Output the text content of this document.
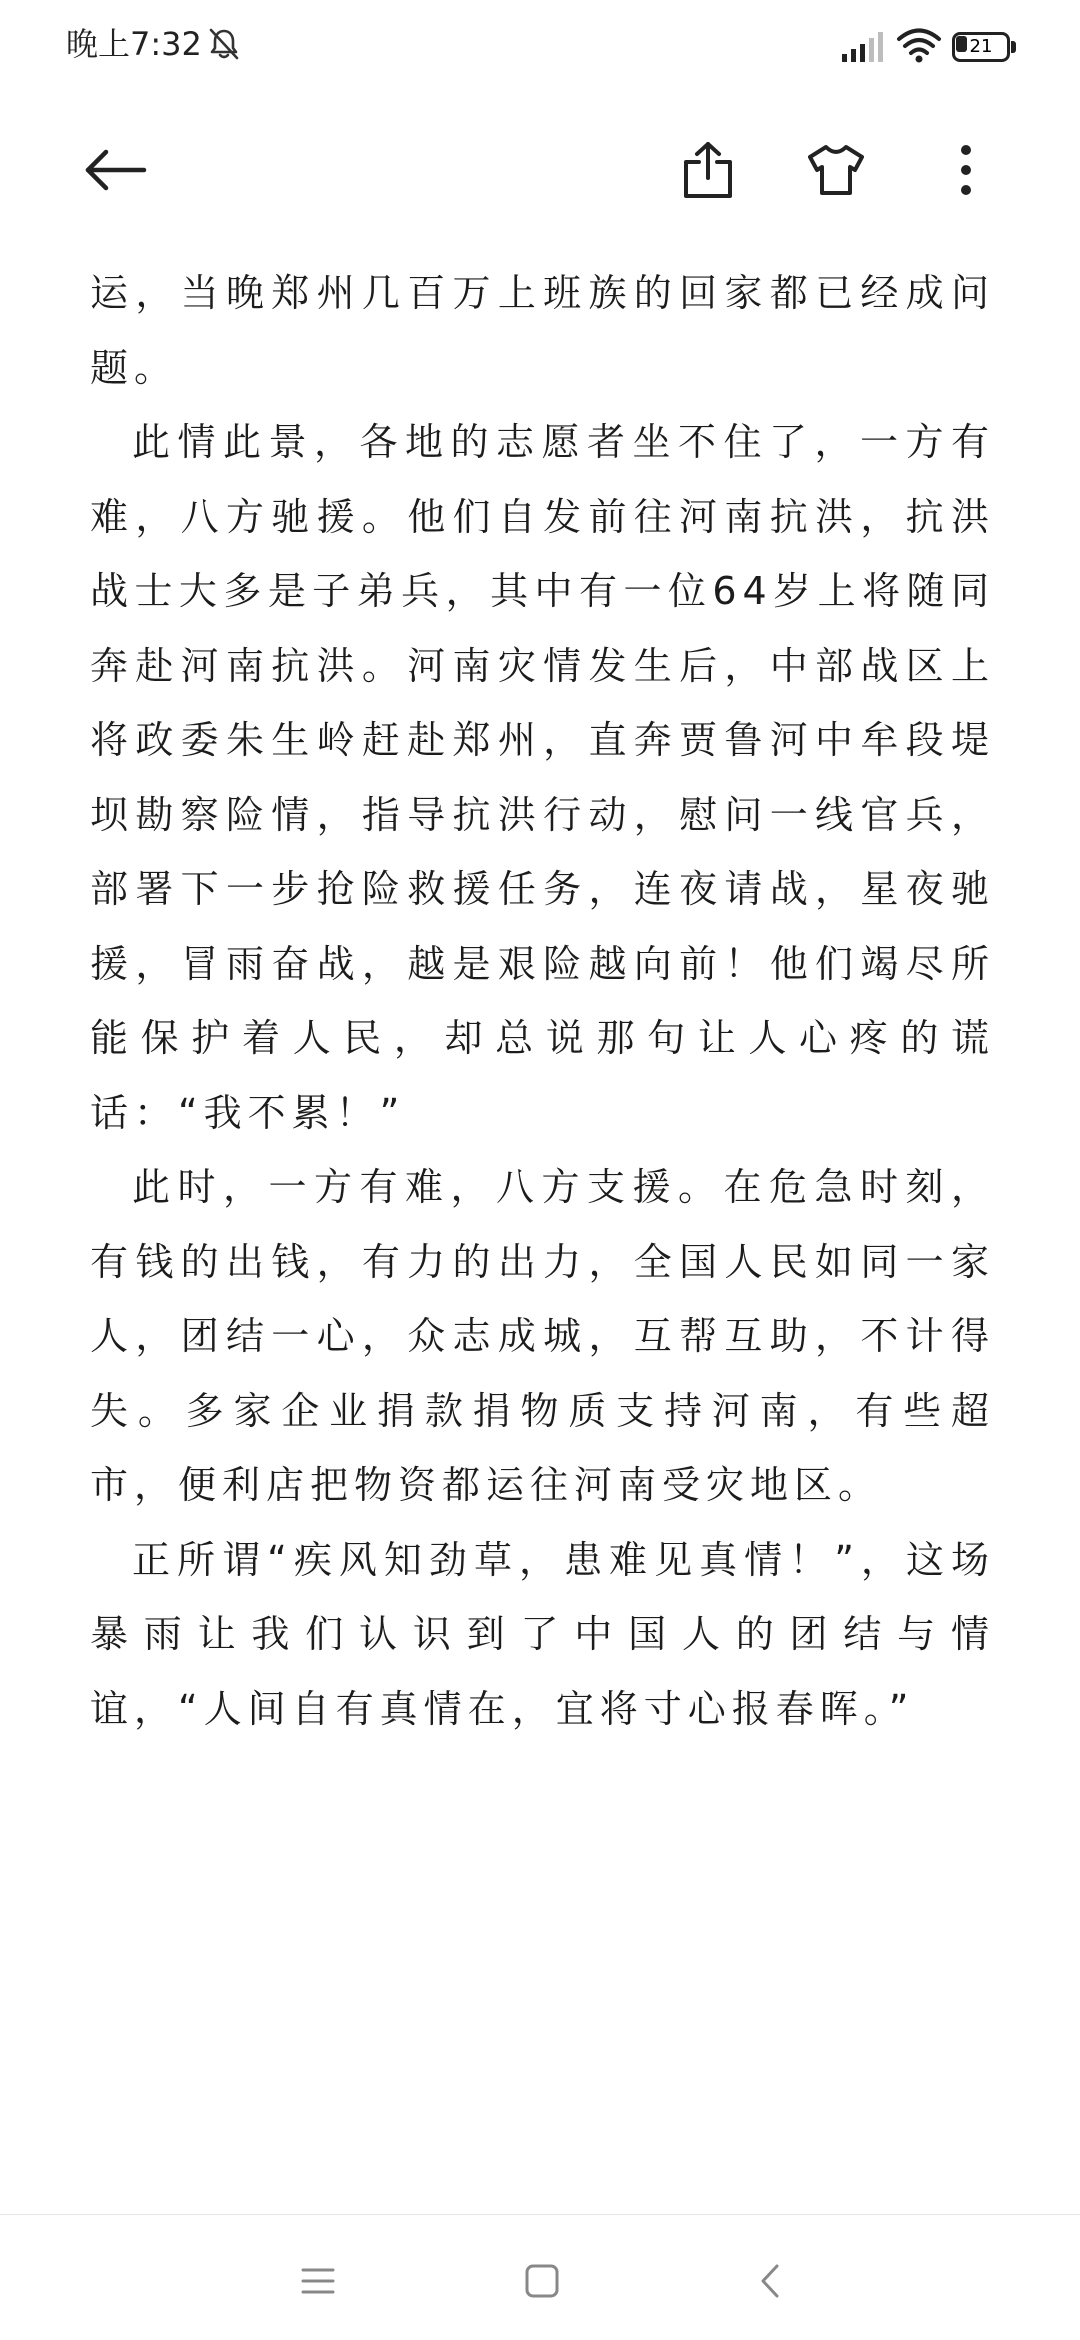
晚上7:32	21

运，当晚郑州几百万上班族的回家都已经成问题。

此情此景，各地的志愿者坐不住了，一方有难，八方驰援。他们自发前往河南抗洪，抗洪战士大多是子弟兵，其中有一位64岁上将随同奔赴河南抗洪。河南灾情发生后，中部战区上将政委朱生岭赶赴郑州，直奔贾鲁河中牟段堤坝勘察险情，指导抗洪行动，慰问一线官兵，部署下一步抢险救援任务，连夜请战，星夜驰援，冒雨奋战，越是艰险越向前！他们竭尽所能保护着人民，却总说那句让人心疼的谎话：“我不累！”

此时，一方有难，八方支援。在危急时刻，有钱的出钱，有力的出力，全国人民如同一家人，团结一心，众志成城，互帮互助，不计得失。多家企业捐款捐物质支持河南，有些超市，便利店把物资都运往河南受灾地区。

正所谓“疾风知劲草，患难见真情！”，这场暴雨让我们认识到了中国人的团结与情谊，“人间自有真情在，宜将寸心报春晖。”
